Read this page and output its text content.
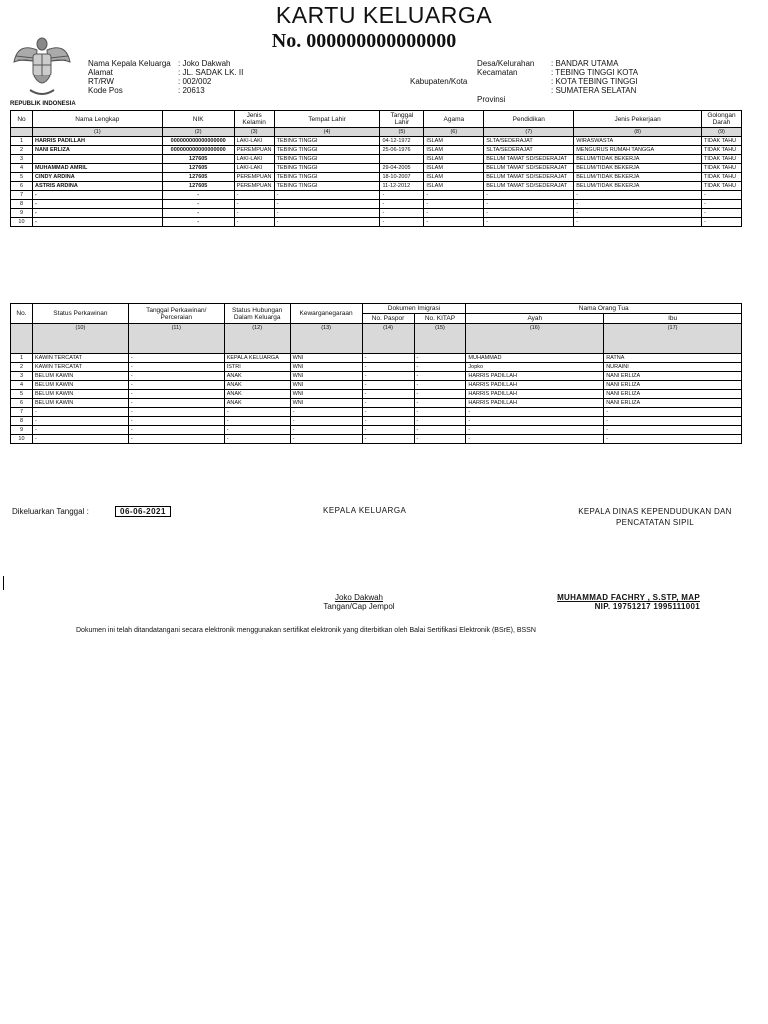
KARTU KELUARGA
No. 000000000000000
REPUBLIK INDONESIA
Nama Kepala Keluarga : Joko Dakwah
Alamat	: JL. SADAK LK. II
RT/RW	: 002/002
Kode Pos	: 20613
Desa/Kelurahan : BANDAR UTAMA
Kecamatan	: TEBING TINGGI KOTA
Kabupaten/Kota	: KOTA TEBING TINGGI
Provinsi: SUMATERA SELATAN
No	Nama Lengkap	NIK	Jenis Kelamin	Tempat Lahir	Tanggal Lahir	Agama	Pendidikan	Jenis Pekerjaan	Golongan Darah
	(1)	(2)	(3)	(4)	(5)	(6)	(7)	(8)	(9)
1	HARRIS PADILLAH	000000000000000000	LAKI-LAKI	TEBING TINGGI	04-12-1972	ISLAM	SLTA/SEDERAJAT	WIRASWASTA	TIDAK TAHU
2	NANI ERLIZA	000000000000000000	PEREMPUAN	TEBING TINGGI	25-06-1976	ISLAM	SLTA/SEDERAJAT	MENGURUS RUMAH TANGGA	TIDAK TAHU
3		127605	LAKI-LAKI	TEBING TINGGI		ISLAM	BELUM TAMAT SD/SEDERAJAT	BELUM/TIDAK BEKERJA	TIDAK TAHU
4	MUHAMMAD AMRIL	127605	LAKI-LAKI	TEBING TINGGI	29-04-2005	ISLAM	BELUM TAMAT SD/SEDERAJAT	BELUM/TIDAK BEKERJA	TIDAK TAHU
5	CINDY ARDINA	127605	PEREMPUAN	TEBING TINGGI	18-10-2007	ISLAM	BELUM TAMAT SD/SEDERAJAT	BELUM/TIDAK BEKERJA	TIDAK TAHU
6	ASTRIS ARDINA	127605	PEREMPUAN	TEBING TINGGI	11-12-2012	ISLAM	BELUM TAMAT SD/SEDERAJAT	BELUM/TIDAK BEKERJA	TIDAK TAHU
7	-	-	-	-	-	-	-	-	-
8	-	-	-	-	-	-	-	-	-
9	-	-	-	-	-	-	-	-	-
10	-	-	-	-	-	-	-	-	-
No.	Status Perkawinan	Tanggal Perkawinan/ Perceraian	Status Hubungan Dalam Keluarga	Kewarganegaraan	Dokumen Imigrasi		Nama Orang Tua	
					No. Paspor	No. KITAP	Ayah	Ibu
	(10)	(11)	(12)	(13)	(14)	(15)	(16)	(17)
1	KAWIN TERCATAT	-	KEPALA KELUARGA	WNI	-	-	MUHAMMAD	RATNA
2	KAWIN TERCATAT	-	ISTRI	WNI	-	-	Jopko	NURAINI
3	BELUM KAWIN	-	ANAK	WNI	-	-	HARRIS PADILLAH	NANI ERLIZA
4	BELUM KAWIN	-	ANAK	WNI	-	-	HARRIS PADILLAH	NANI ERLIZA
5	BELUM KAWIN	-	ANAK	WNI	-	-	HARRIS PADILLAH	NANI ERLIZA
6	BELUM KAWIN	-	ANAK	WNI	-	-	HARRIS PADILLAH	NANI ERLIZA
7	-	-	-	-	-	-	-	-
8	-	-	-	-	-	-	-	-
9	-	-	-	-	-	-	-	-
10	-	-	-	-	-	-	-	-
Dikeluarkan Tanggal :	06-06-2021	KEPALA KELUARGA	KEPALA DINAS KEPENDUDUKAN DAN PENCATATAN SIPIL
Joko Dakwah
Tangan/Cap Jempol
MUHAMMAD FACHRY , S.STP, MAP
NIP. 19751217 1995111001
Dokumen ini telah ditandatangani secara elektronik menggunakan sertifikat elektronik yang diterbitkan oleh Balai Sertifikasi Elektronik (BSrE), BSSN
